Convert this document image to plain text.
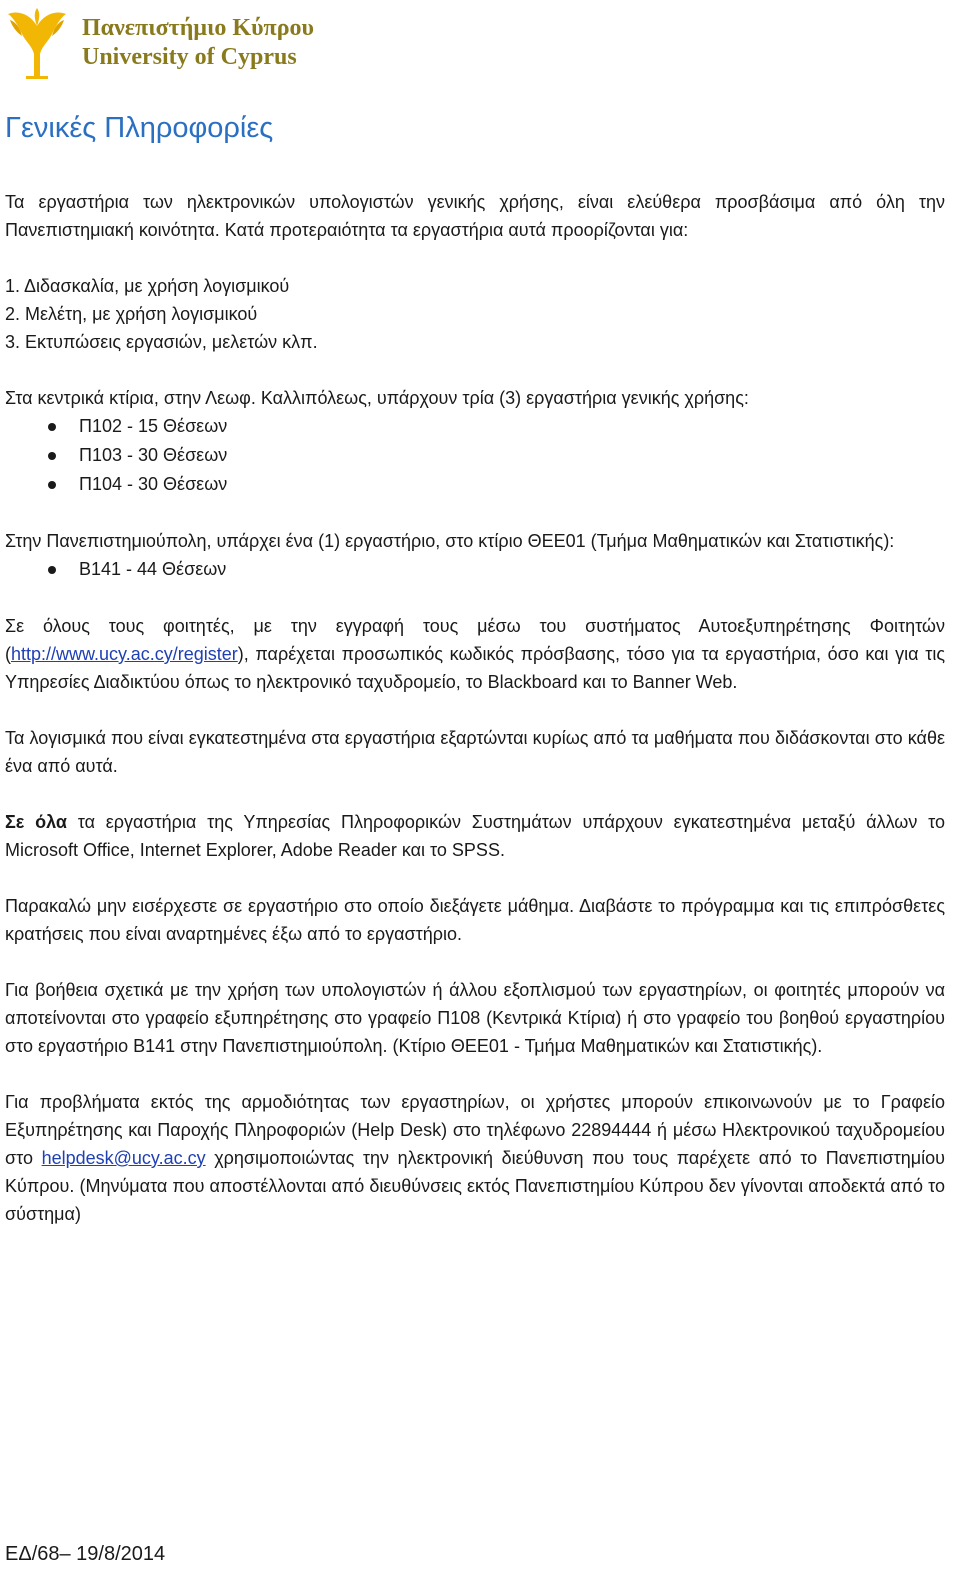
Πανεπιστήμιο Κύπρου
University of Cyprus
Γενικές Πληροφορίες

Τα εργαστήρια των ηλεκτρονικών υπολογιστών γενικής χρήσης, είναι ελεύθερα προσβάσιμα από όλη την Πανεπιστημιακή κοινότητα. Κατά προτεραιότητα τα εργαστήρια αυτά προορίζονται για:

1. Διδασκαλία, με χρήση λογισμικού
2. Μελέτη, με χρήση λογισμικού
3. Εκτυπώσεις εργασιών, μελετών κλπ.

Στα κεντρικά κτίρια, στην Λεωφ. Καλλιπόλεως, υπάρχουν τρία (3) εργαστήρια γενικής χρήσης:

Π102 - 15 Θέσεων
Π103 - 30 Θέσεων
Π104 - 30 Θέσεων

Στην Πανεπιστημιούπολη, υπάρχει ένα (1) εργαστήριο, στο κτίριο ΘΕΕ01 (Τμήμα Μαθηματικών και Στατιστικής):

Β141 - 44 Θέσεων

Σε όλους τους φοιτητές, με την εγγραφή τους μέσω του συστήματος Αυτοεξυπηρέτησης Φοιτητών (http://www.ucy.ac.cy/register), παρέχεται προσωπικός κωδικός πρόσβασης, τόσο για τα εργαστήρια, όσο και για τις Υπηρεσίες Διαδικτύου όπως το ηλεκτρονικό ταχυδρομείο, το Blackboard και το Banner Web.

Τα λογισμικά που είναι εγκατεστημένα στα εργαστήρια εξαρτώνται κυρίως από τα μαθήματα που διδάσκονται στο κάθε ένα από αυτά.

Σε όλα τα εργαστήρια της Υπηρεσίας Πληροφορικών Συστημάτων υπάρχουν εγκατεστημένα μεταξύ άλλων το Microsoft Office, Internet Explorer, Adobe Reader και το SPSS.

Παρακαλώ μην εισέρχεστε σε εργαστήριο στο οποίο διεξάγετε μάθημα. Διαβάστε το πρόγραμμα και τις επιπρόσθετες κρατήσεις που είναι αναρτημένες έξω από το εργαστήριο.

Για βοήθεια σχετικά με την χρήση των υπολογιστών ή άλλου εξοπλισμού των εργαστηρίων, οι φοιτητές μπορούν να αποτείνονται στο γραφείο εξυπηρέτησης στο γραφείο Π108 (Κεντρικά Κτίρια) ή στο γραφείο του βοηθού εργαστηρίου στο εργαστήριο Β141 στην Πανεπιστημιούπολη. (Κτίριο ΘΕΕ01 - Τμήμα Μαθηματικών και Στατιστικής).

Για προβλήματα εκτός της αρμοδιότητας των εργαστηρίων, οι χρήστες μπορούν επικοινωνούν με το Γραφείο Εξυπηρέτησης και Παροχής Πληροφοριών (Help Desk) στο τηλέφωνο 22894444 ή μέσω Ηλεκτρονικού ταχυδρομείου στο helpdesk@ucy.ac.cy χρησιμοποιώντας την ηλεκτρονική διεύθυνση που τους παρέχετε από το Πανεπιστημίου Κύπρου. (Μηνύματα που αποστέλλονται από διευθύνσεις εκτός Πανεπιστημίου Κύπρου δεν γίνονται αποδεκτά από το σύστημα)

ΕΔ/68– 19/8/2014
